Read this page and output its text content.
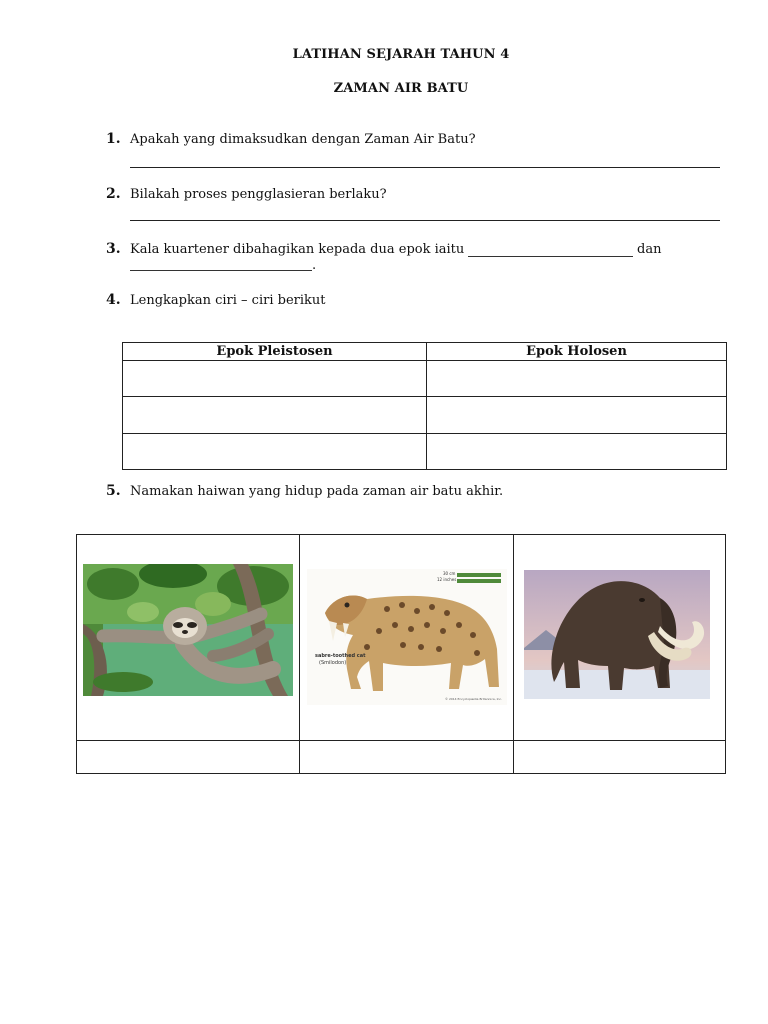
LATIHAN SEJARAH TAHUN 4
ZAMAN AIR BATU
1. Apakah yang dimaksudkan dengan Zaman Air Batu?
2. Bilakah proses pengglasieran berlaku?
3. Kala kuartener dibahagikan kepada dua epok iaitu	dan
.
4. Lengkapkan ciri – ciri berikut
Epok Pleistosen	Epok Holosen

5. Namakan haiwan yang hidup pada zaman air batu akhir.
sabre-toothed cat
(Smilodon)
30 cm
12 inches
© 2014 Encyclopædia Britannica, Inc.
